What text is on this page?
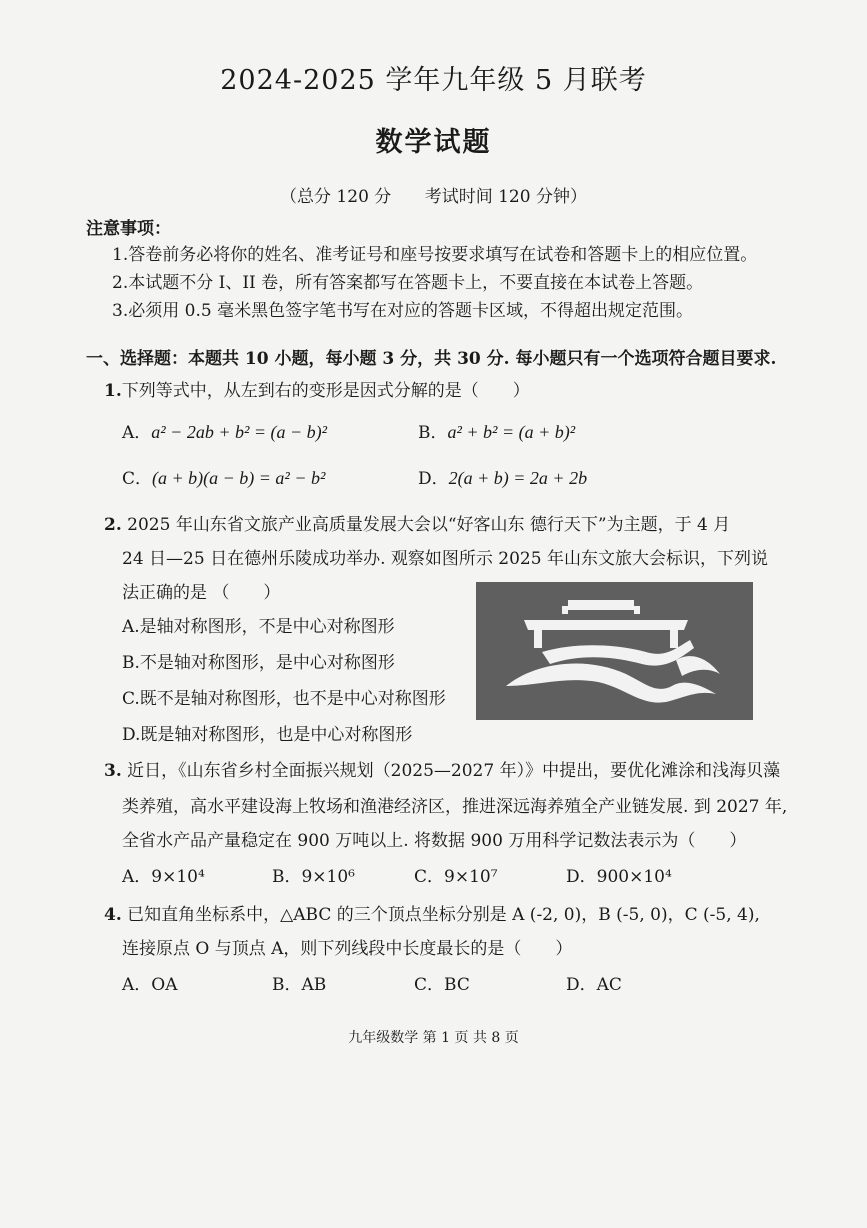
2024-2025 学年九年级 5 月联考
数学试题
（总分 120 分 考试时间 120 分钟）
注意事项：
1.答卷前务必将你的姓名、准考证号和座号按要求填写在试卷和答题卡上的相应位置。
2.本试题不分 I、II 卷，所有答案都写在答题卡上，不要直接在本试卷上答题。
3.必须用 0.5 毫米黑色签字笔书写在对应的答题卡区域，不得超出规定范围。
一、选择题：本题共 10 小题，每小题 3 分，共 30 分. 每小题只有一个选项符合题目要求.
1.下列等式中，从左到右的变形是因式分解的是（　　）
A．a² − 2ab + b² = (a − b)²	B．a² + b² = (a + b)²
C．(a + b)(a − b) = a² − b²	D．2(a + b) = 2a + 2b
2. 2025 年山东省文旅产业高质量发展大会以“好客山东 德行天下”为主题，于 4 月
24 日—25 日在德州乐陵成功举办. 观察如图所示 2025 年山东文旅大会标识，下列说
法正确的是 （　　）
A.是轴对称图形，不是中心对称图形
B.不是轴对称图形，是中心对称图形
C.既不是轴对称图形，也不是中心对称图形
D.既是轴对称图形，也是中心对称图形
3. 近日，《山东省乡村全面振兴规划（2025—2027 年）》中提出，要优化滩涂和浅海贝藻
类养殖，高水平建设海上牧场和渔港经济区，推进深远海养殖全产业链发展. 到 2027 年,
全省水产品产量稳定在 900 万吨以上. 将数据 900 万用科学记数法表示为（　　）
A．9×10⁴	B．9×10⁶	C．9×10⁷	D．900×10⁴
4. 已知直角坐标系中，△ABC 的三个顶点坐标分别是 A (-2, 0)，B (-5, 0)，C (-5, 4),
连接原点 O 与顶点 A，则下列线段中长度最长的是（　　）
A．OA	B．AB	C．BC	D．AC
九年级数学 第 1 页 共 8 页
